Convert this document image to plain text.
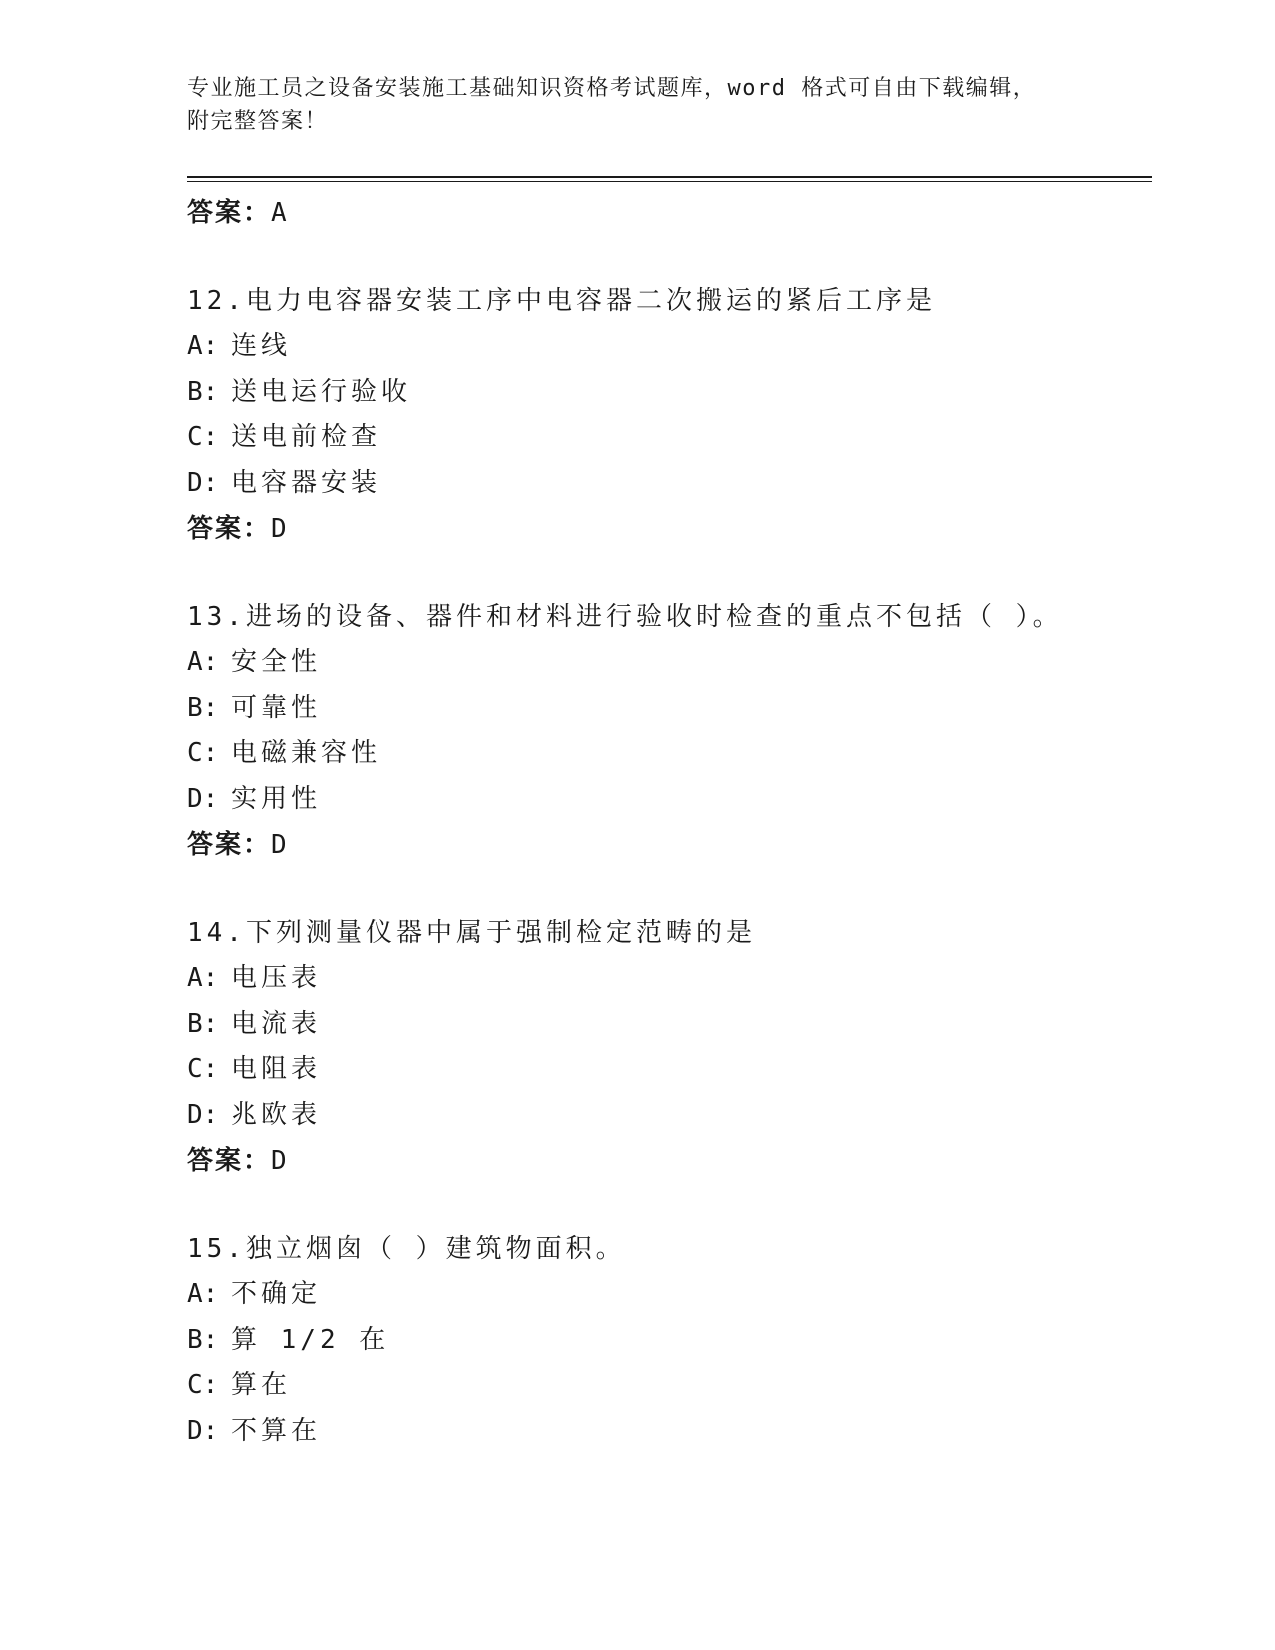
专业施工员之设备安装施工基础知识资格考试题库，word 格式可自由下载编辑，
附完整答案！
答案：A
12.电力电容器安装工序中电容器二次搬运的紧后工序是
A: 连线
B: 送电运行验收
C: 送电前检查
D: 电容器安装
答案：D
13.进场的设备、器件和材料进行验收时检查的重点不包括（ ）。
A: 安全性
B: 可靠性
C: 电磁兼容性
D: 实用性
答案：D
14.下列测量仪器中属于强制检定范畴的是
A: 电压表
B: 电流表
C: 电阻表
D: 兆欧表
答案：D
15.独立烟囱（ ）建筑物面积。
A: 不确定
B: 算 1/2 在
C: 算在
D: 不算在
